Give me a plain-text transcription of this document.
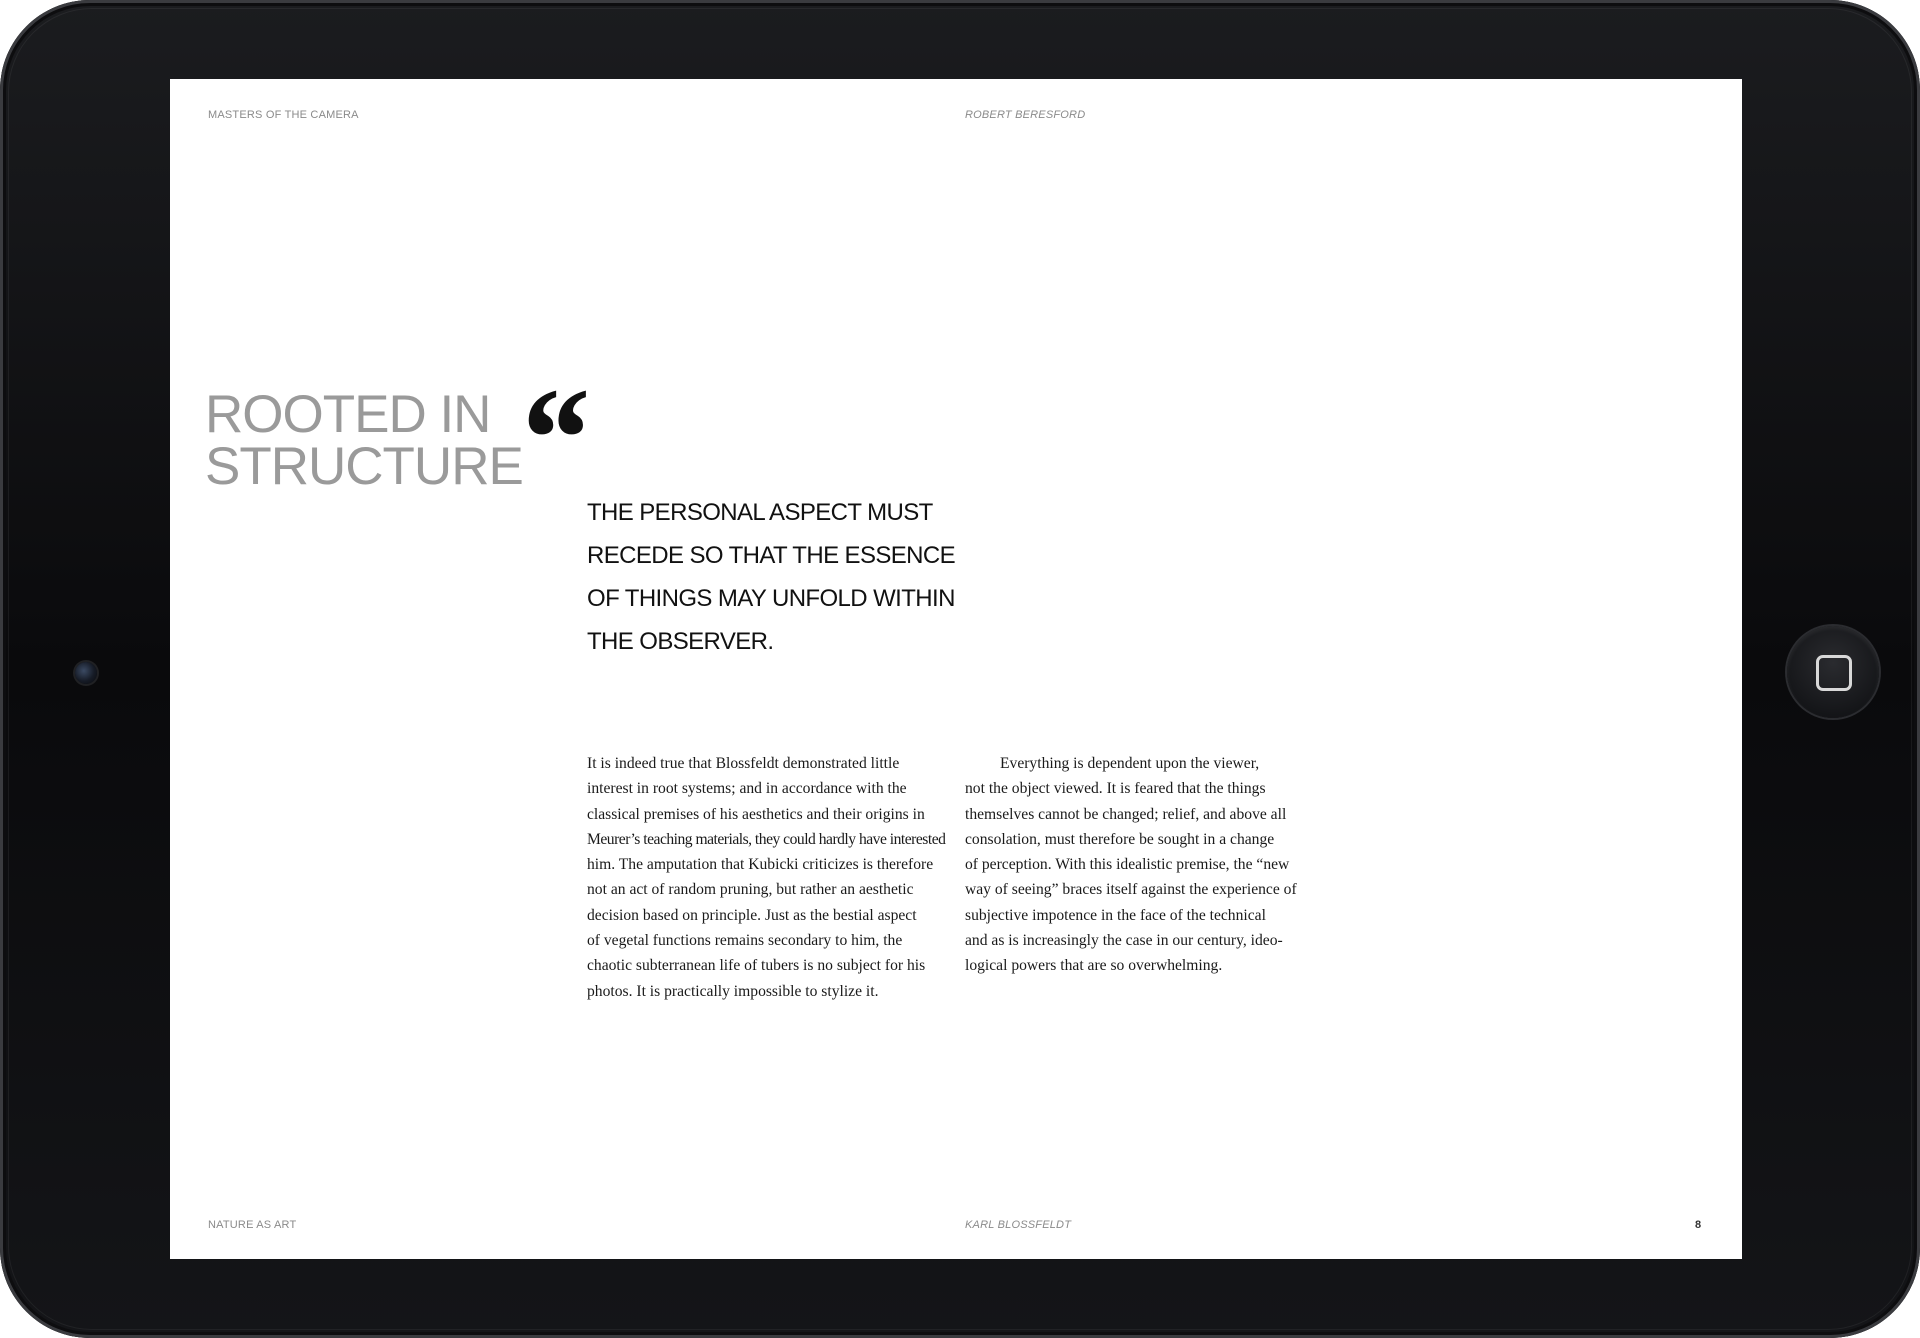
MASTERS OF THE CAMERA	ROBERT BERESFORD
ROOTED IN
STRUCTURE
“ THE PERSONAL ASPECT MUST
RECEDE SO THAT THE ESSENCE
OF THINGS MAY UNFOLD WITHIN
THE OBSERVER.
It is indeed true that Blossfeldt demonstrated little
interest in root systems; and in accordance with the
classical premises of his aesthetics and their origins in
Meurer’s teaching materials, they could hardly have interested
him. The amputation that Kubicki criticizes is therefore
not an act of random pruning, but rather an aesthetic
decision based on principle. Just as the bestial aspect
of vegetal functions remains secondary to him, the
chaotic subterranean life of tubers is no subject for his
photos. It is practically impossible to stylize it.
Everything is dependent upon the viewer,
not the object viewed. It is feared that the things
themselves cannot be changed; relief, and above all
consolation, must therefore be sought in a change
of perception. With this idealistic premise, the “new
way of seeing” braces itself against the experience of
subjective impotence in the face of the technical
and as is increasingly the case in our century, ideo-
logical powers that are so overwhelming.
NATURE AS ART	KARL BLOSSFELDT	8
